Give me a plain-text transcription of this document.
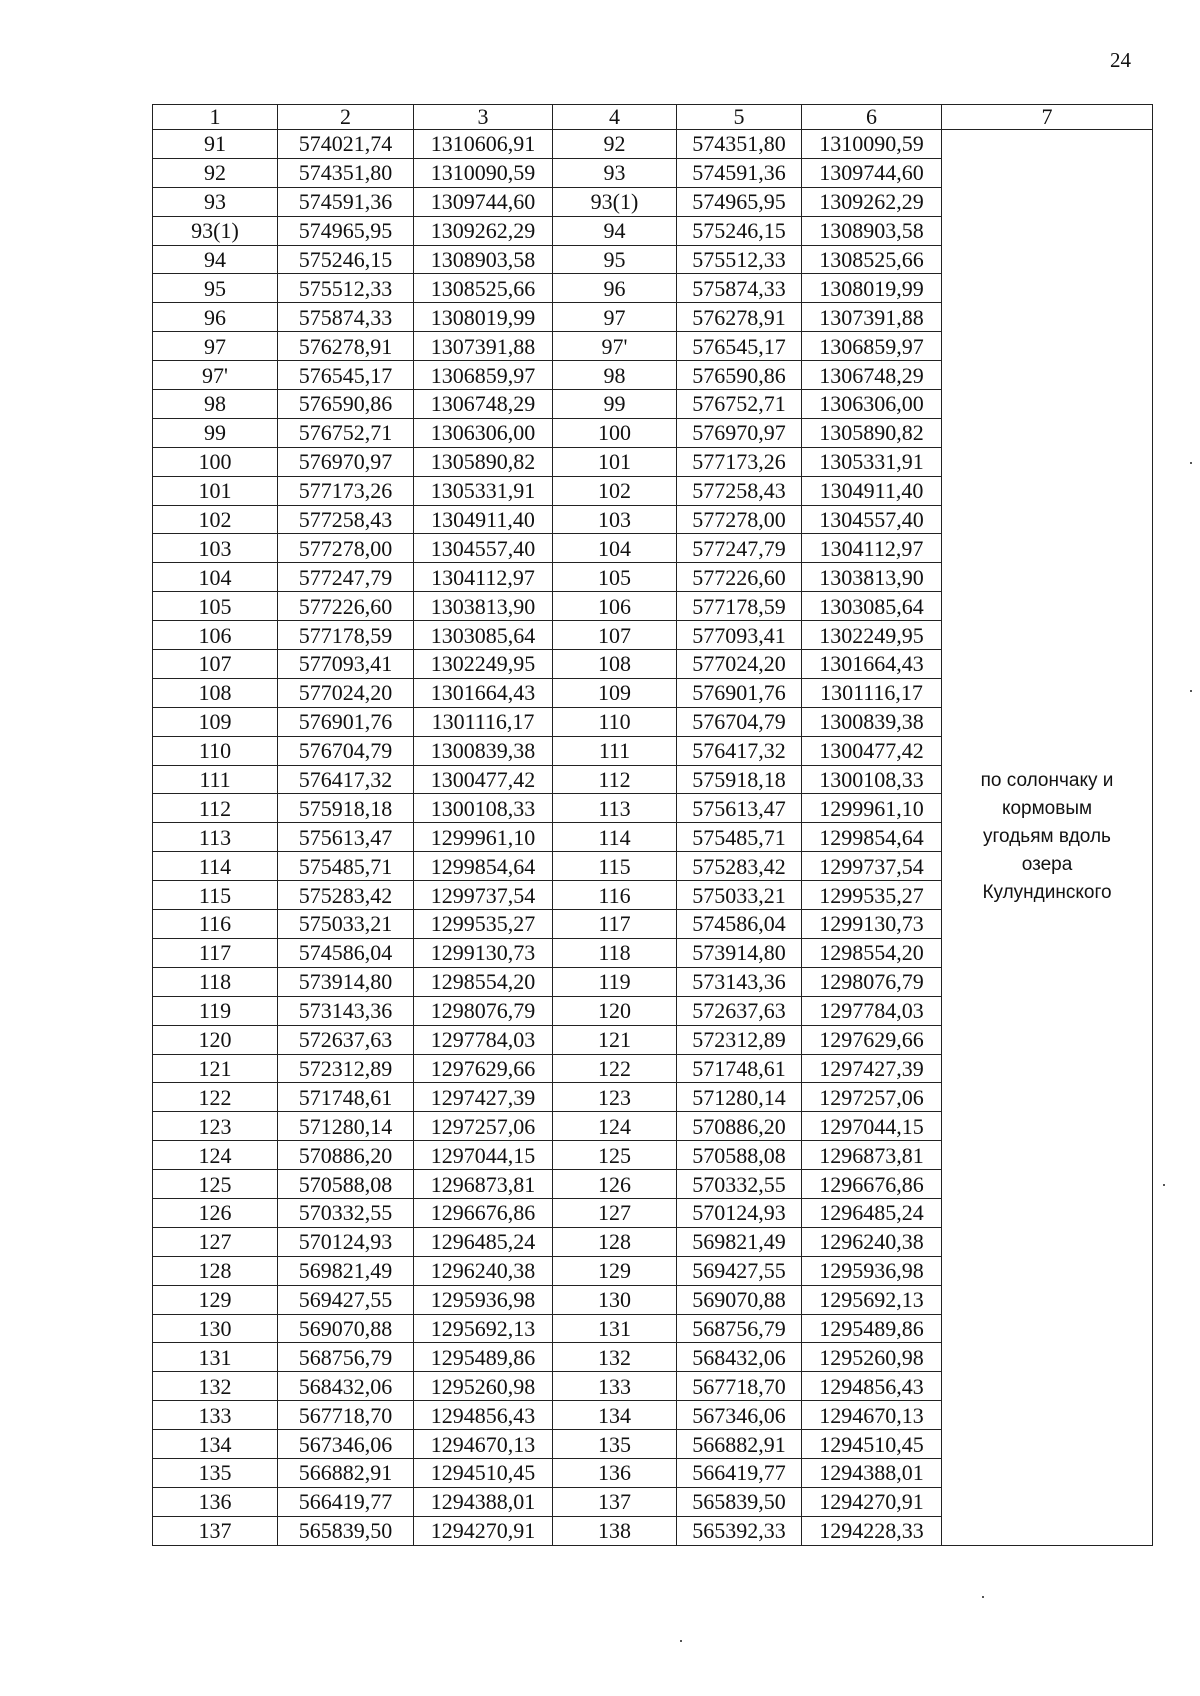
24
1	2	3	4	5	6	7
91	574021,74	1310606,91	92	574351,80	1310090,59	по солончаку и
кормовым
угодьям вдоль
озера
Кулундинского

92	574351,80	1310090,59	93	574591,36	1309744,60	
93	574591,36	1309744,60	93(1)	574965,95	1309262,29	
93(1)	574965,95	1309262,29	94	575246,15	1308903,58	
94	575246,15	1308903,58	95	575512,33	1308525,66	
95	575512,33	1308525,66	96	575874,33	1308019,99	
96	575874,33	1308019,99	97	576278,91	1307391,88	
97	576278,91	1307391,88	97'	576545,17	1306859,97	
97'	576545,17	1306859,97	98	576590,86	1306748,29	
98	576590,86	1306748,29	99	576752,71	1306306,00	
99	576752,71	1306306,00	100	576970,97	1305890,82	
100	576970,97	1305890,82	101	577173,26	1305331,91	
101	577173,26	1305331,91	102	577258,43	1304911,40	
102	577258,43	1304911,40	103	577278,00	1304557,40	
103	577278,00	1304557,40	104	577247,79	1304112,97	
104	577247,79	1304112,97	105	577226,60	1303813,90	
105	577226,60	1303813,90	106	577178,59	1303085,64	
106	577178,59	1303085,64	107	577093,41	1302249,95	
107	577093,41	1302249,95	108	577024,20	1301664,43	
108	577024,20	1301664,43	109	576901,76	1301116,17	
109	576901,76	1301116,17	110	576704,79	1300839,38	
110	576704,79	1300839,38	111	576417,32	1300477,42	
111	576417,32	1300477,42	112	575918,18	1300108,33	
112	575918,18	1300108,33	113	575613,47	1299961,10	
113	575613,47	1299961,10	114	575485,71	1299854,64	
114	575485,71	1299854,64	115	575283,42	1299737,54	
115	575283,42	1299737,54	116	575033,21	1299535,27	
116	575033,21	1299535,27	117	574586,04	1299130,73	
117	574586,04	1299130,73	118	573914,80	1298554,20	
118	573914,80	1298554,20	119	573143,36	1298076,79	
119	573143,36	1298076,79	120	572637,63	1297784,03	
120	572637,63	1297784,03	121	572312,89	1297629,66	
121	572312,89	1297629,66	122	571748,61	1297427,39	
122	571748,61	1297427,39	123	571280,14	1297257,06	
123	571280,14	1297257,06	124	570886,20	1297044,15	
124	570886,20	1297044,15	125	570588,08	1296873,81	
125	570588,08	1296873,81	126	570332,55	1296676,86	
126	570332,55	1296676,86	127	570124,93	1296485,24	
127	570124,93	1296485,24	128	569821,49	1296240,38	
128	569821,49	1296240,38	129	569427,55	1295936,98	
129	569427,55	1295936,98	130	569070,88	1295692,13	
130	569070,88	1295692,13	131	568756,79	1295489,86	
131	568756,79	1295489,86	132	568432,06	1295260,98	
132	568432,06	1295260,98	133	567718,70	1294856,43	
133	567718,70	1294856,43	134	567346,06	1294670,13	
134	567346,06	1294670,13	135	566882,91	1294510,45	
135	566882,91	1294510,45	136	566419,77	1294388,01	
136	566419,77	1294388,01	137	565839,50	1294270,91	
137	565839,50	1294270,91	138	565392,33	1294228,33	
